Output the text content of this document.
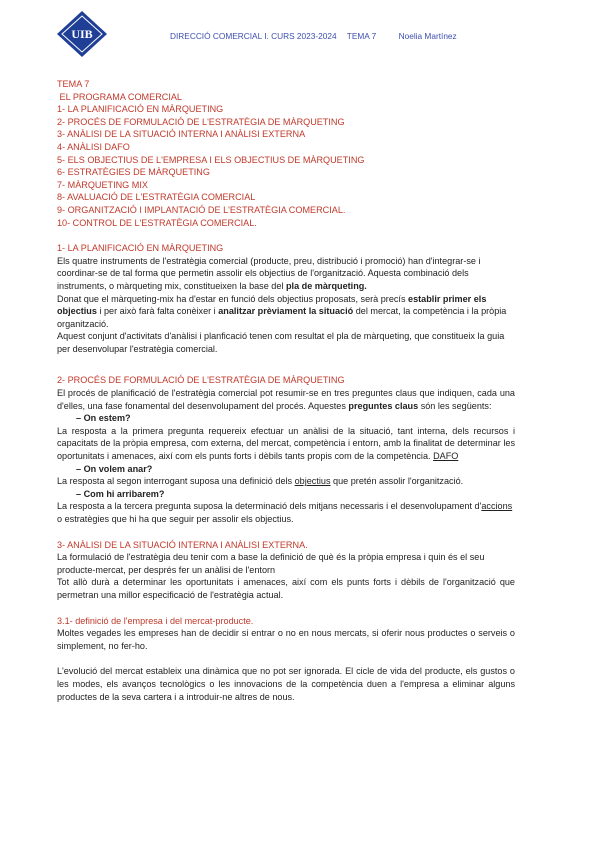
UIB	DIRECCIÓ COMERCIAL I. CURS 2023-2024 TEMA 7	Noelia Martínez
TEMA 7
EL PROGRAMA COMERCIAL
1- LA PLANIFICACIÓ EN MÀRQUETING
2- PROCÉS DE FORMULACIÓ DE L'ESTRATÈGIA DE MÀRQUETING
3- ANÀLISI DE LA SITUACIÓ INTERNA I ANÀLISI EXTERNA
4- ANÀLISI DAFO
5- ELS OBJECTIUS DE L'EMPRESA I ELS OBJECTIUS DE MÀRQUETING
6- ESTRATÈGIES DE MÀRQUETING
7- MÀRQUETING MIX
8- AVALUACIÓ DE L'ESTRATÈGIA COMERCIAL
9- ORGANITZACIÓ I IMPLANTACIÓ DE L'ESTRATÈGIA COMERCIAL.
10- CONTROL DE L'ESTRATÈGIA COMERCIAL.
1- LA PLANIFICACIÓ EN MÀRQUETING

Els quatre instruments de l'estratègia comercial (producte, preu, distribució i promoció) han d'integrar-se i coordinar-se de tal forma que permetin assolir els objectius de l'organització. Aquesta combinació dels instruments, o màrqueting mix, constitueixen la base del pla de màrqueting.

Donat que el màrqueting-mix ha d'estar en funció dels objectius proposats, serà precís establir primer els objectius i per això farà falta conèixer i analitzar prèviament la situació del mercat, la competència i la pròpia organització.

Aquest conjunt d'activitats d'anàlisi i planficació tenen com resultat el pla de màrqueting, que constitueix la guia per desenvolupar l'estratègia comercial.

2- PROCÉS DE FORMULACIÓ DE L'ESTRATÈGIA DE MÀRQUETING

El procés de planificació de l'estratègia comercial pot resumir-se en tres preguntes claus que indiquen, cada una d'elles, una fase fonamental del desenvolupament del procés. Aquestes preguntes claus són les següents:

– On estem?

La resposta a la primera pregunta requereix efectuar un anàlisi de la situació, tant interna, dels recursos i capacitats de la pròpia empresa, com externa, del mercat, competència i entorn, amb la finalitat de determinar les oportunitats i amenaces, així com els punts forts i dèbils tants propis com de la competència. DAFO

– On volem anar?

La resposta al segon interrogant suposa una definició dels objectius que pretén assolir l'organització.

– Com hi arribarem?

La resposta a la tercera pregunta suposa la determinació dels mitjans necessaris i el desenvolupament d'accions o estratègies que hi ha que seguir per assolir els objectius.

3- ANÀLISI DE LA SITUACIÓ INTERNA I ANÀLISI EXTERNA.

La formulació de l'estratègia deu tenir com a base la definició de què és la pròpia empresa i quin és el seu producte-mercat, per després fer un anàlisi de l'entorn

Tot allò durà a determinar les oportunitats i amenaces, així com els punts forts i dèbils de l'organització que permetran una millor especificació de l'estratègia actual.

3.1- definició de l'empresa i del mercat-producte.

Moltes vegades les empreses han de decidir si entrar o no en nous mercats, si oferir nous productes o serveis o simplement, no fer-ho.

L'evolució del mercat estableix una dinàmica que no pot ser ignorada. El cicle de vida del producte, els gustos o les modes, els avanços tecnològics o les innovacions de la competència duen a l'empresa a eliminar alguns productes de la seva cartera i a introduir-ne altres de nous.
